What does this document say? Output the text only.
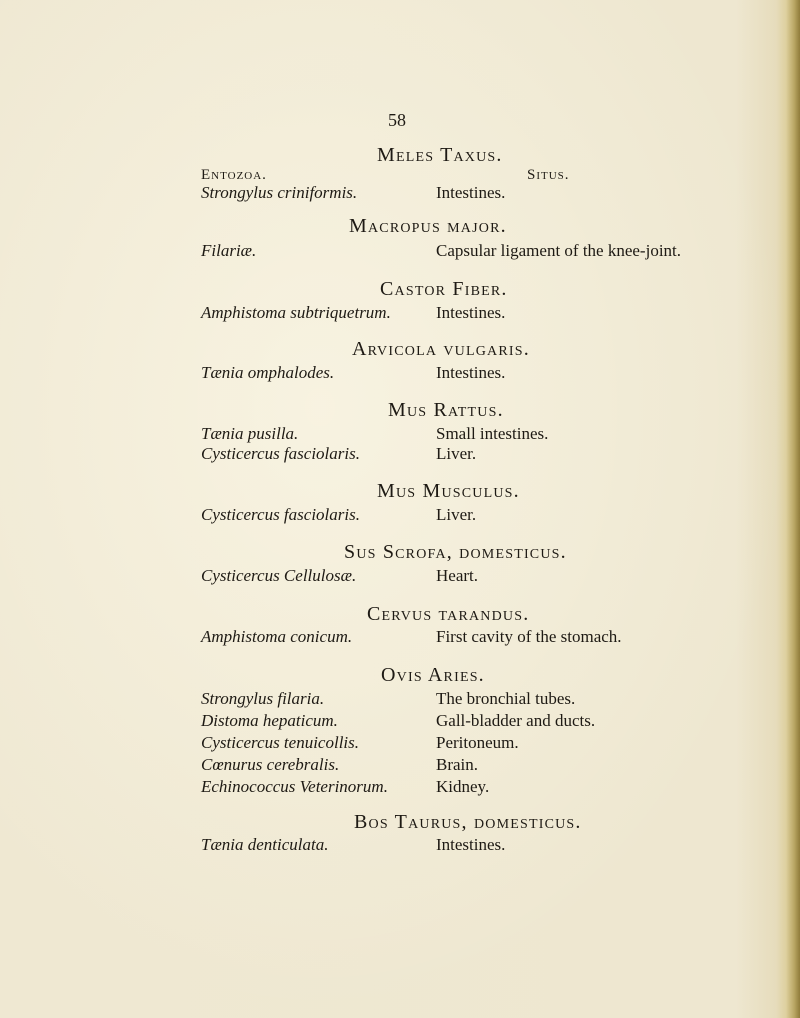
58
Meles Taxus.
Entozoa.	Situs.
Strongylus criniformis.	Intestines.
Macropus major.
Filariæ.	Capsular ligament of the knee-joint.
Castor Fiber.
Amphistoma subtriquetrum.	Intestines.
Arvicola vulgaris.
Tænia omphalodes.	Intestines.
Mus Rattus.
Tænia pusilla.	Small intestines.
Cysticercus fasciolaris.	Liver.
Mus Musculus.
Cysticercus fasciolaris.	Liver.
Sus Scrofa, domesticus.
Cysticercus Cellulosæ.	Heart.
Cervus tarandus.
Amphistoma conicum.	First cavity of the stomach.
Ovis Aries.
Strongylus filaria.	The bronchial tubes.
Distoma hepaticum.	Gall-bladder and ducts.
Cysticercus tenuicollis.	Peritoneum.
Cœnurus cerebralis.	Brain.
Echinococcus Veterinorum.	Kidney.
Bos Taurus, domesticus.
Tænia denticulata.	Intestines.
